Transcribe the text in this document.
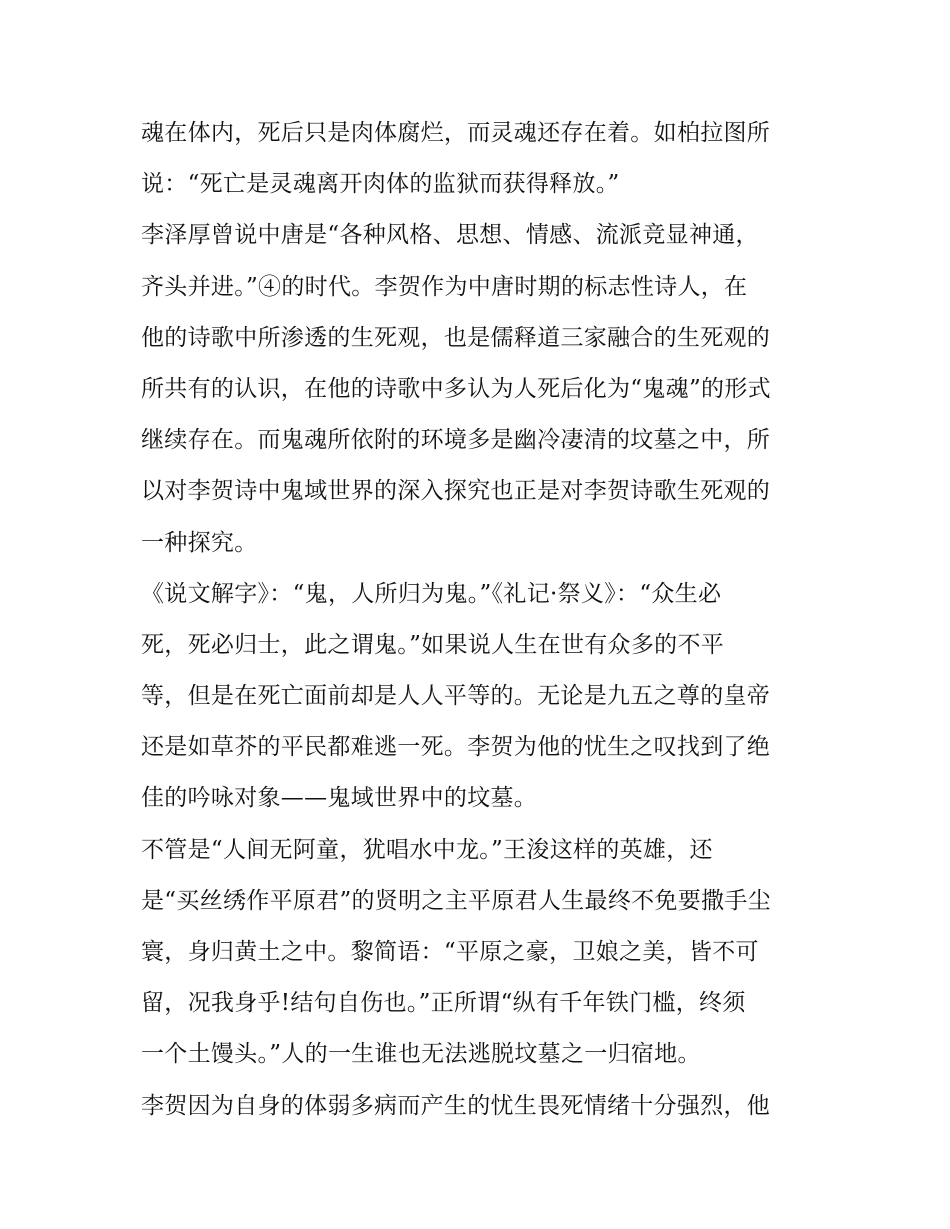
魂在体内，死后只是肉体腐烂，而灵魂还存在着。如柏拉图所
说：“死亡是灵魂离开肉体的监狱而获得释放。”
李泽厚曾说中唐是“各种风格、思想、情感、流派竞显神通，
齐头并进。”④的时代。李贺作为中唐时期的标志性诗人，在
他的诗歌中所渗透的生死观，也是儒释道三家融合的生死观的
所共有的认识，在他的诗歌中多认为人死后化为“鬼魂”的形式
继续存在。而鬼魂所依附的环境多是幽冷凄清的坟墓之中，所
以对李贺诗中鬼域世界的深入探究也正是对李贺诗歌生死观的
一种探究。
《说文解字》：“鬼，人所归为鬼。”《礼记·祭义》：“众生必
死，死必归士，此之谓鬼。”如果说人生在世有众多的不平
等，但是在死亡面前却是人人平等的。无论是九五之尊的皇帝
还是如草芥的平民都难逃一死。李贺为他的忧生之叹找到了绝
佳的吟咏对象——鬼域世界中的坟墓。
不管是“人间无阿童，犹唱水中龙。”王浚这样的英雄，还
是“买丝绣作平原君”的贤明之主平原君人生最终不免要撒手尘
寰，身归黄土之中。黎简语：“平原之豪，卫娘之美，皆不可
留，况我身乎!结句自伤也。”正所谓“纵有千年铁门槛，终须
一个土馒头。”人的一生谁也无法逃脱坟墓之一归宿地。
李贺因为自身的体弱多病而产生的忧生畏死情绪十分强烈，他
